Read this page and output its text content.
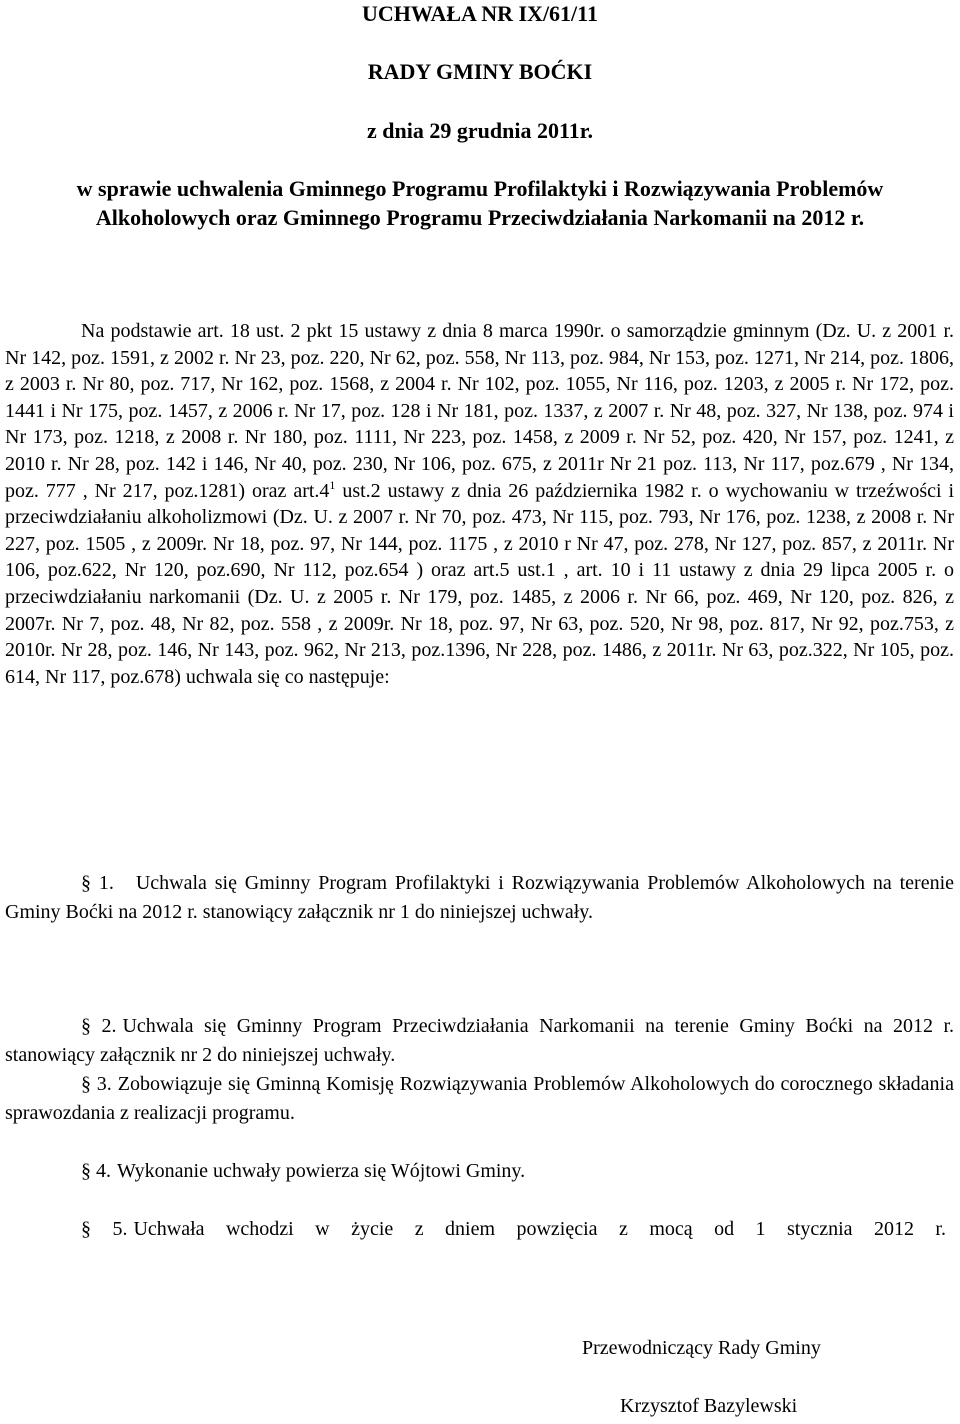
UCHWAŁA NR IX/61/11
RADY GMINY BOĆKI
z dnia 29 grudnia 2011r.
w sprawie uchwalenia Gminnego Programu Profilaktyki i Rozwiązywania Problemów
Alkoholowych oraz Gminnego Programu Przeciwdziałania Narkomanii na 2012 r.
Na podstawie art. 18 ust. 2 pkt 15 ustawy z dnia 8 marca 1990r. o samorządzie gminnym (Dz. U. z 2001 r. Nr 142, poz. 1591, z 2002 r. Nr 23, poz. 220, Nr 62, poz. 558, Nr 113, poz. 984, Nr 153, poz. 1271, Nr 214, poz. 1806, z 2003 r. Nr 80, poz. 717, Nr 162, poz. 1568, z 2004 r. Nr 102, poz. 1055, Nr 116, poz. 1203, z 2005 r. Nr 172, poz. 1441 i Nr 175, poz. 1457, z 2006 r. Nr 17, poz. 128 i Nr 181, poz. 1337, z 2007 r. Nr 48, poz. 327, Nr 138, poz. 974 i Nr 173, poz. 1218, z 2008 r. Nr 180, poz. 1111, Nr 223, poz. 1458, z 2009 r. Nr 52, poz. 420, Nr 157, poz. 1241, z 2010 r. Nr 28, poz. 142 i 146, Nr 40, poz. 230, Nr 106, poz. 675, z 2011r Nr 21 poz. 113, Nr 117, poz.679 , Nr 134, poz. 777 , Nr 217, poz.1281) oraz $art.4^1$ ust.2 ustawy z dnia 26 października 1982 r. o wychowaniu w trzeźwości i przeciwdziałaniu alkoholizmowi (Dz. U. z 2007 r. Nr 70, poz. 473, Nr 115, poz. 793, Nr 176, poz. 1238, z 2008 r. Nr 227, poz. 1505 , z 2009r. Nr 18, poz. 97, Nr 144, poz. 1175 , z 2010 r Nr 47, poz. 278, Nr 127, poz. 857, z 2011r. Nr 106, poz.622, Nr 120, poz.690, Nr 112, poz.654 ) oraz art.5 ust.1 , art. 10 i 11 ustawy z dnia 29 lipca 2005 r. o przeciwdziałaniu narkomanii (Dz. U. z 2005 r. Nr 179, poz. 1485, z 2006 r. Nr 66, poz. 469, Nr 120, poz. 826, z 2007r. Nr 7, poz. 48, Nr 82, poz. 558 , z 2009r. Nr 18, poz. 97, Nr 63, poz. 520, Nr 98, poz. 817, Nr 92, poz.753, z 2010r. Nr 28, poz. 146, Nr 143, poz. 962, Nr 213, poz.1396, Nr 228, poz. 1486, z 2011r. Nr 63, poz.322, Nr 105, poz. 614, Nr 117, poz.678) uchwala się co następuje:
§ 1. Uchwala się Gminny Program Profilaktyki i Rozwiązywania Problemów Alkoholowych na terenie Gminy Boćki na 2012 r. stanowiący załącznik nr 1 do niniejszej uchwały.
§ 2. Uchwala się Gminny Program Przeciwdziałania Narkomanii na terenie Gminy Boćki na 2012 r. stanowiący załącznik nr 2 do niniejszej uchwały.
§ 3. Zobowiązuje się Gminną Komisję Rozwiązywania Problemów Alkoholowych do corocznego składania sprawozdania z realizacji programu.
§ 4. Wykonanie uchwały powierza się Wójtowi Gminy.
§ 5. Uchwała wchodzi w życie z dniem powzięcia z mocą od 1 stycznia 2012 r.
Przewodniczący Rady Gminy
Krzysztof Bazylewski
